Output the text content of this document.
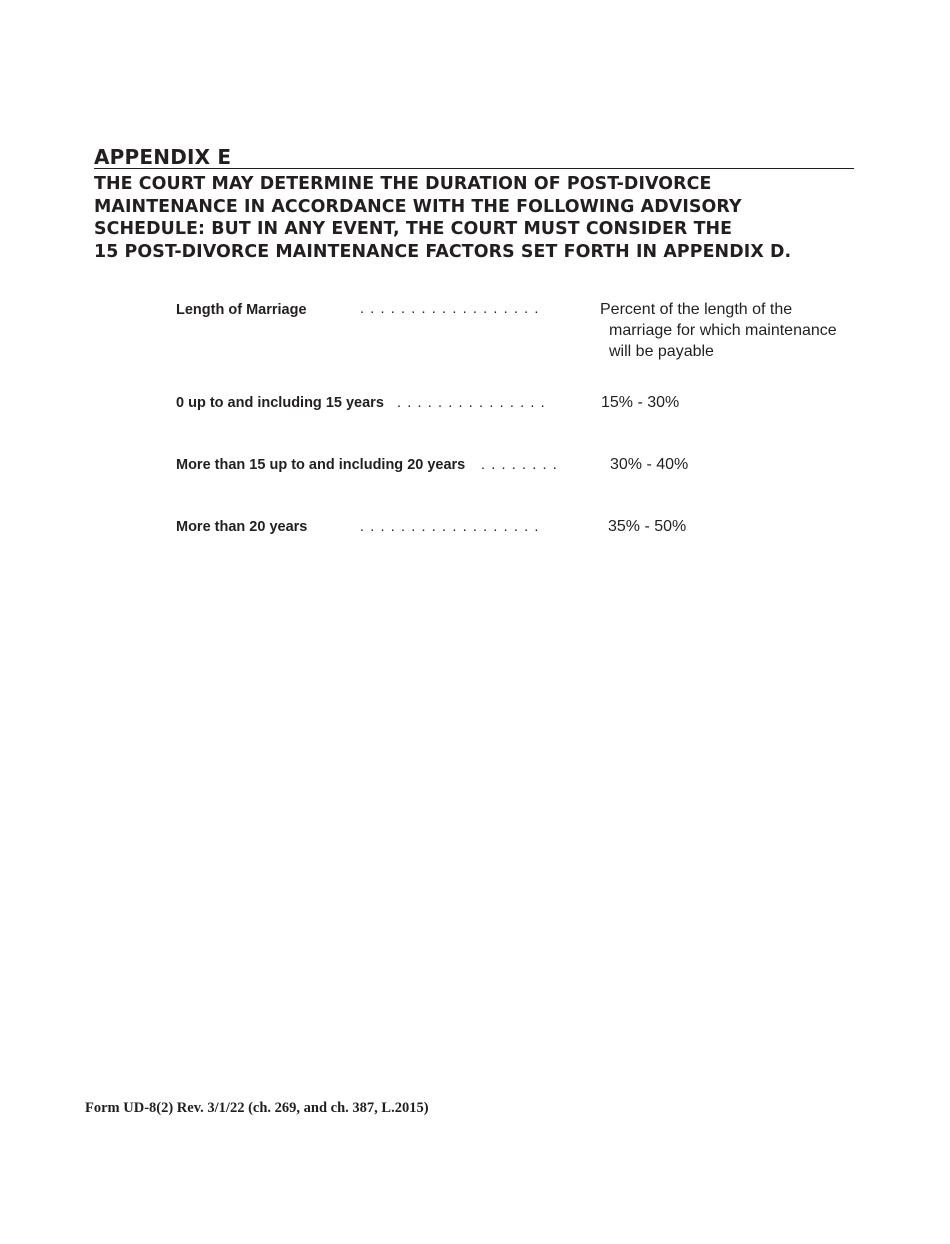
APPENDIX E
THE COURT MAY DETERMINE THE DURATION OF POST-DIVORCE
MAINTENANCE IN ACCORDANCE WITH THE FOLLOWING ADVISORY
SCHEDULE: BUT IN ANY EVENT, THE COURT MUST CONSIDER THE
15 POST-DIVORCE MAINTENANCE FACTORS SET FORTH IN APPENDIX D.
Length of Marriage	. . . . . . . . . . . . . . . . . .	Percent of the length of the
marriage for which maintenance
will be payable
0 up to and including 15 years . . . . . . . . . . . . . . .	15% - 30%
More than 15 up to and including 20 years . . . . . . . .	30% - 40%
More than 20 years	. . . . . . . . . . . . . . . . . .	35% - 50%
Form UD-8(2) Rev. 3/1/22 (ch. 269, and ch. 387, L.2015)
